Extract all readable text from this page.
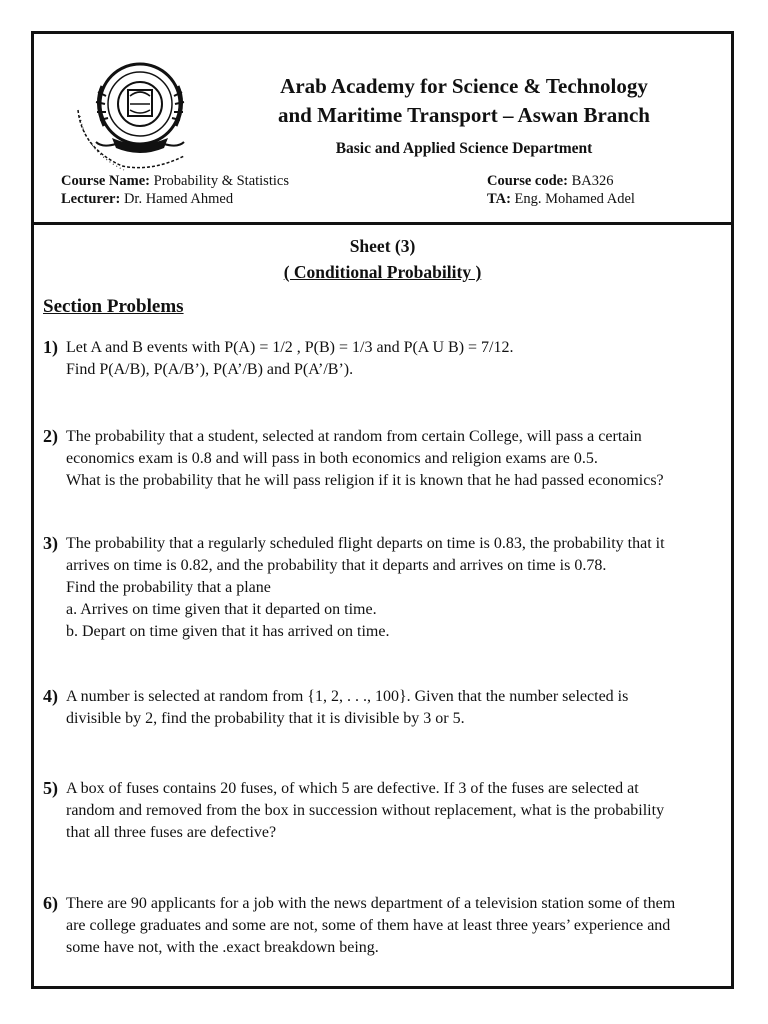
Arab Academy for Science & Technology
and Maritime Transport – Aswan Branch
Basic and Applied Science Department
Course Name: Probability & Statistics
Lecturer: Dr. Hamed Ahmed
Course code: BA326
TA: Eng. Mohamed Adel
Sheet (3)
( Conditional Probability )
Section Problems
1) Let A and B events with P(A) = 1/2 , P(B) = 1/3 and P(A U B) = 7/12.
Find P(A/B), P(A/B’), P(A’/B) and P(A’/B’).
2) The probability that a student, selected at random from certain College, will pass a certain
economics exam is 0.8 and will pass in both economics and religion exams are 0.5.
What is the probability that he will pass religion if it is known that he had passed economics?
3) The probability that a regularly scheduled flight departs on time is 0.83, the probability that it
arrives on time is 0.82, and the probability that it departs and arrives on time is 0.78.
Find the probability that a plane
a. Arrives on time given that it departed on time.
b. Depart on time given that it has arrived on time.
4) A number is selected at random from {1, 2, . . ., 100}. Given that the number selected is
divisible by 2, find the probability that it is divisible by 3 or 5.
5) A box of fuses contains 20 fuses, of which 5 are defective. If 3 of the fuses are selected at
random and removed from the box in succession without replacement, what is the probability
that all three fuses are defective?
6) There are 90 applicants for a job with the news department of a television station some of them
are college graduates and some are not, some of them have at least three years’ experience and
some have not, with the .exact breakdown being.
